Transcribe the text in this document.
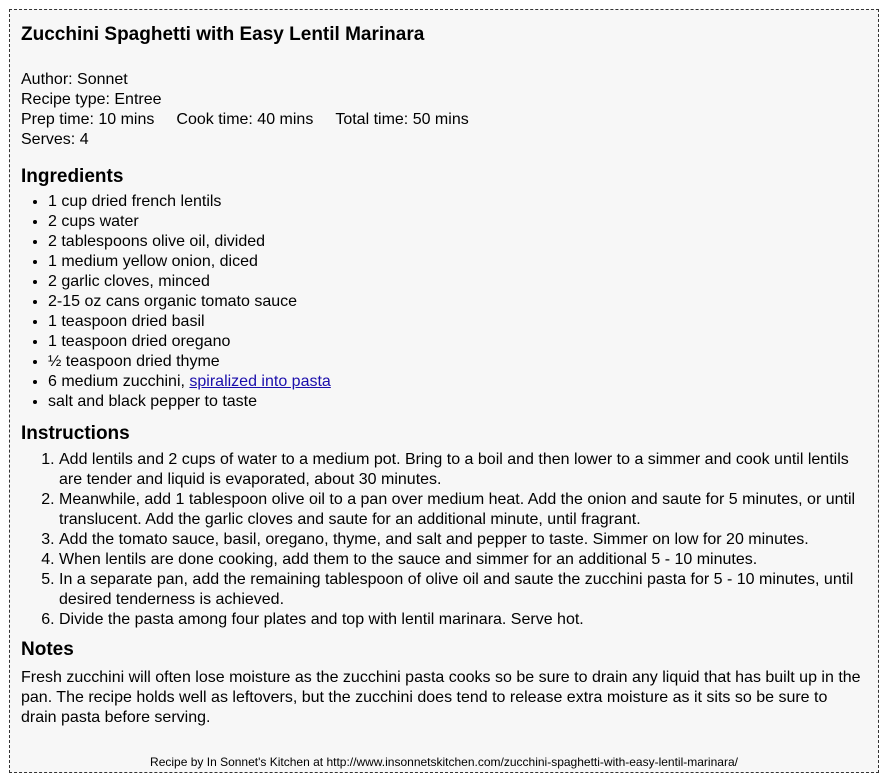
Zucchini Spaghetti with Easy Lentil Marinara
Author: Sonnet
Recipe type: Entree
Prep time: 10 mins Cook time: 40 mins Total time: 50 mins
Serves: 4
Ingredients
• 1 cup dried french lentils
• 2 cups water
• 2 tablespoons olive oil, divided
• 1 medium yellow onion, diced
• 2 garlic cloves, minced
• 2-15 oz cans organic tomato sauce
• 1 teaspoon dried basil
• 1 teaspoon dried oregano
• ½ teaspoon dried thyme
• 6 medium zucchini, spiralized into pasta
• salt and black pepper to taste
Instructions
1. Add lentils and 2 cups of water to a medium pot. Bring to a boil and then lower to a simmer and cook until lentils are tender and liquid is evaporated, about 30 minutes.
2. Meanwhile, add 1 tablespoon olive oil to a pan over medium heat. Add the onion and saute for 5 minutes, or until translucent. Add the garlic cloves and saute for an additional minute, until fragrant.
3. Add the tomato sauce, basil, oregano, thyme, and salt and pepper to taste. Simmer on low for 20 minutes.
4. When lentils are done cooking, add them to the sauce and simmer for an additional 5 - 10 minutes.
5. In a separate pan, add the remaining tablespoon of olive oil and saute the zucchini pasta for 5 - 10 minutes, until desired tenderness is achieved.
6. Divide the pasta among four plates and top with lentil marinara. Serve hot.
Notes

Fresh zucchini will often lose moisture as the zucchini pasta cooks so be sure to drain any liquid that has built up in the pan. The recipe holds well as leftovers, but the zucchini does tend to release extra moisture as it sits so be sure to drain pasta before serving.

Recipe by In Sonnet's Kitchen at http://www.insonnetskitchen.com/zucchini-spaghetti-with-easy-lentil-marinara/
